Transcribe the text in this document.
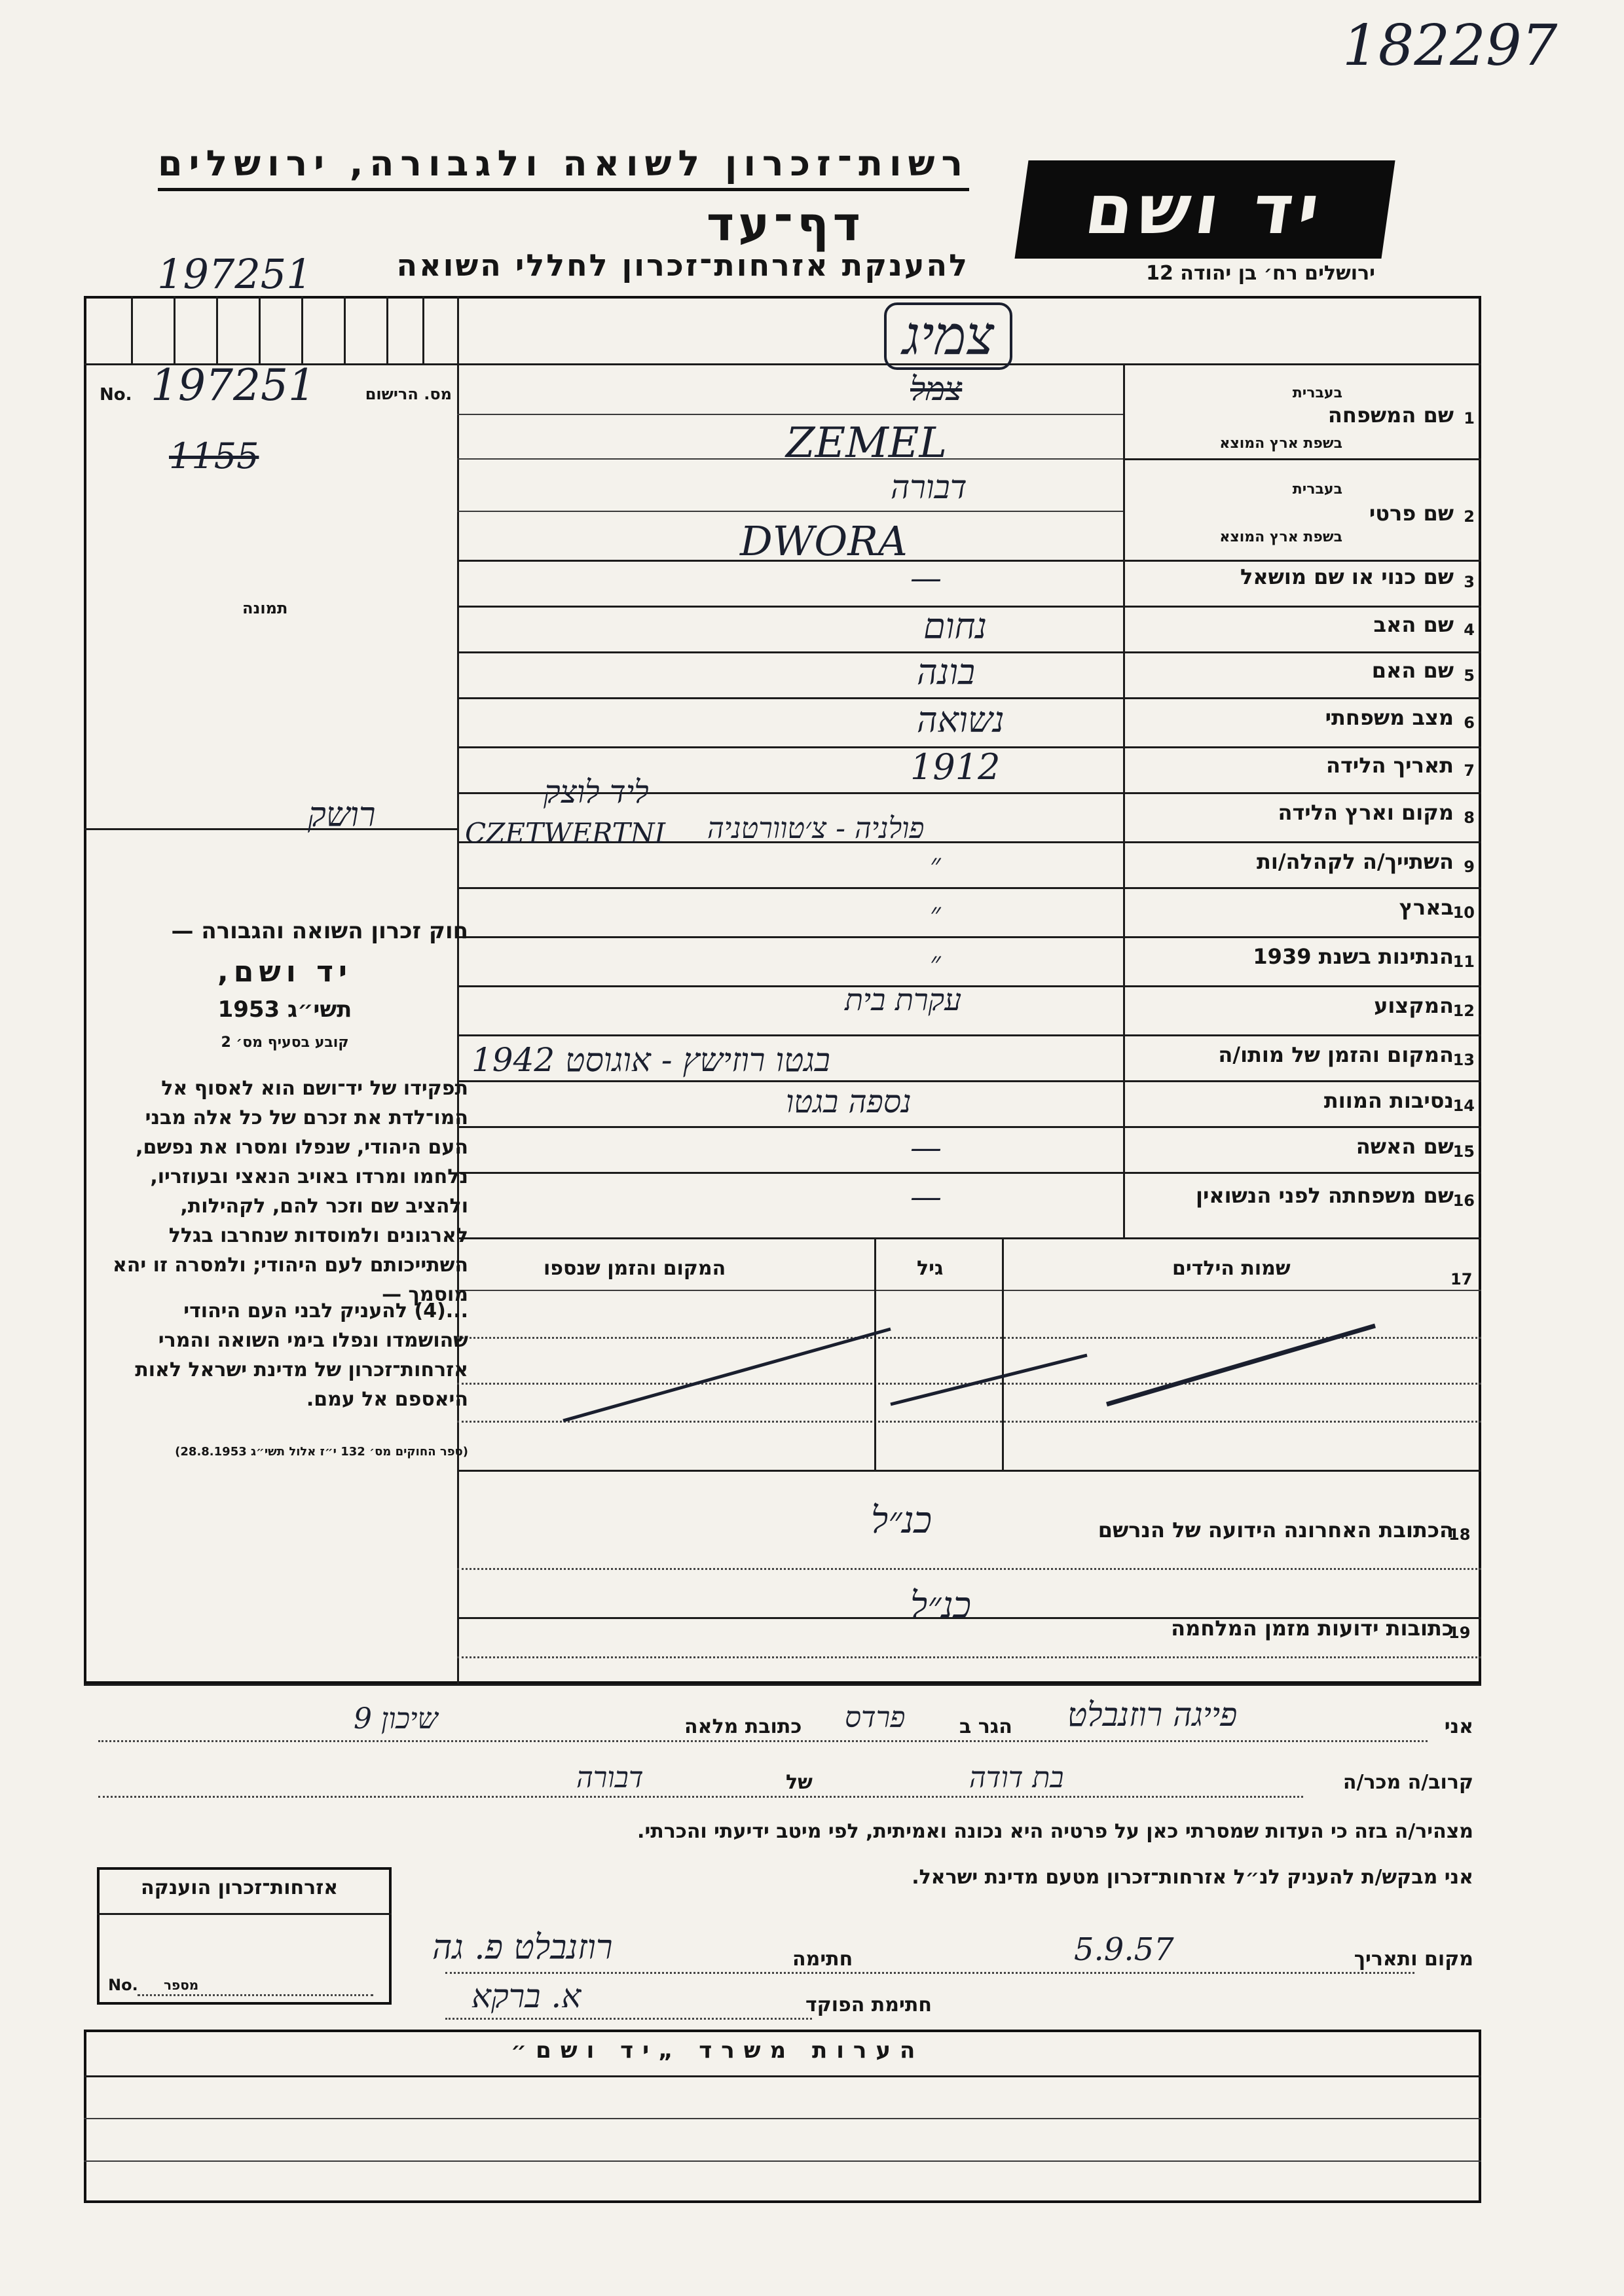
182297
רשות־זכרון לשואה ולגבורה, ירושלים
דף־עד
להענקת אזרחות־זכרון לחללי השואה
197251
יד ושם
ירושלים רח׳ בן יהודה 12
צמיג
No.	מס. הרישום
197251
1155
תמונה
1
שם המשפחה
בעברית
בשפת ארץ המוצא
צמל
ZEMEL
2
שם פרטי
בעברית
בשפת ארץ המוצא
דבורה
DWORA
3
שם כנוי או שם מושאל
—
4
שם האב
נחום
5
שם האם
בונה
6
מצב משפחתי
נשואה
7
תאריך הלידה
1912
8
מקום וארץ הלידה
פולניה - צ׳טוורטניה
CZETWERTNI
ליד לוצק
רושק
9
השתייך/ה לקהלה/ות
״
10
בארץ
״
11
הנתינות בשנת 1939
״
12
המקצוע
עקרת בית
13
המקום והזמן של מותו/ה
בגטו רוזישץ - אוגוסט 1942
14
נסיבות המוות
נספה בגטו
15
שם האשה
—
16
שם משפחתה לפני הנשואין
—
17
שמות הילדים
גיל
המקום והזמן שנספו
18
הכתובת האחרונה הידועה של הנרשם
כנ״ל
19
כתובות ידועות מזמן המלחמה
כנ״ל
חוק זכרון השואה והגבורה —
יד ושם,
תשי״ג 1953
קובע בסעיף מס׳ 2
תפקידו של יד־ושם הוא לאסוף אל המו־לדת את זכרם של כל אלה מבני העם היהודי, שנפלו ומסרו את נפשם, נלחמו ומרדו באויב הנאצי ובעוזריו, ולהציב שם וזכר להם, לקהילות, לארגונים ולמוסדות שנחרבו בגלל השתייכותם לעם היהודי; ולמסרה זו יהא מוסמך —
...(4) להעניק לבני העם היהודי שהושמדו ונפלו בימי השואה והמרי אזרחות־זכרון של מדינת ישראל לאות היאספם אל עמם.
(ספר החוקים מס׳ 132 י״ז אלול תשי״ג 28.8.1953)
אני
פייגה רוזנבלט
הגר ב
פרדס
כתובת מלאה
שיכון 9
קרוב/ה מכר/ה
בת דודה
של
דבורה
מצהיר/ה בזה כי העדות שמסרתי כאן על פרטיה היא נכונה ואמיתית, לפי מיטב ידיעתי והכרתי.
אני מבקש/ת להעניק לנ״ל אזרחות־זכרון מטעם מדינת ישראל.
מקום ותאריך
5.9.57
חתימה
רוזנבלט פ. גה
חתימת הפוקד
א. ברקא
אזרחות־זכרון הוענקה
No. מספר
הערות משרד „יד ושם״
